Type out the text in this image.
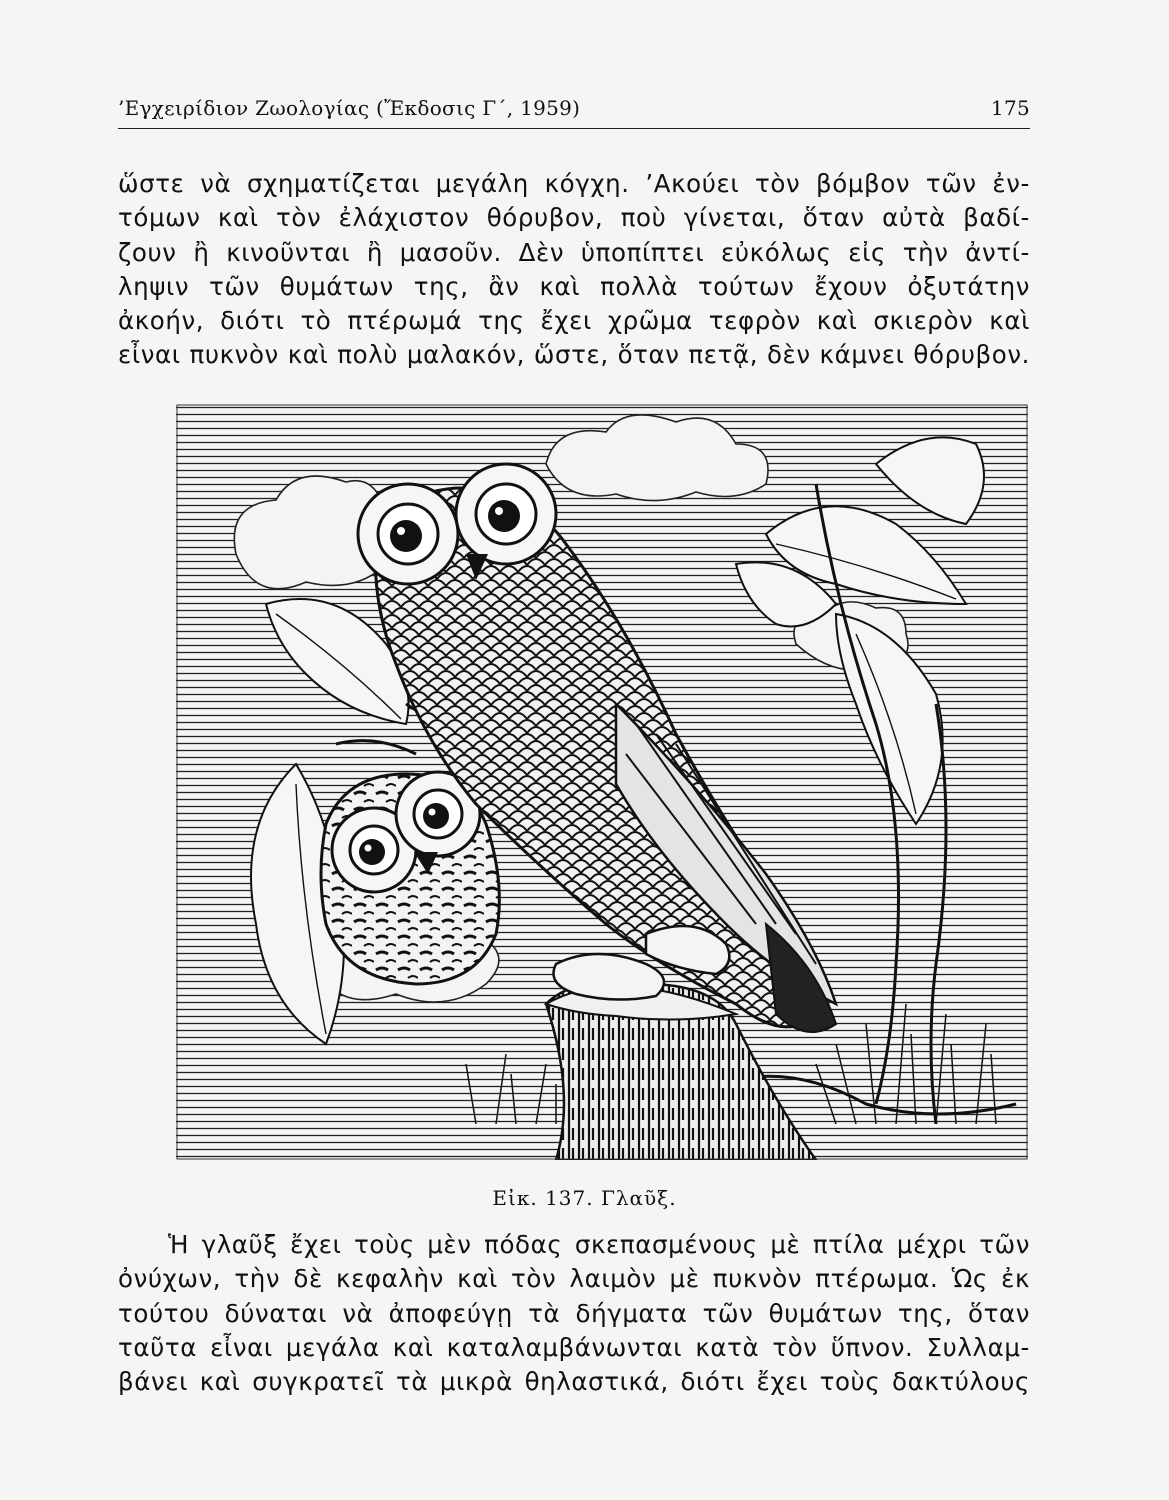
’Εγχειρίδιον Ζωολογίας (Ἔκδοσις Γ΄, 1959)	175
ὥστε νὰ σχηματίζεται μεγάλη κόγχη. ’Ακούει τὸν βόμβον τῶν ἐν-
τόμων καὶ τὸν ἐλάχιστον θόρυβον, ποὺ γίνεται, ὅταν αὐτὰ βαδί-
ζουν ἢ κινοῦνται ἢ μασοῦν. Δὲν ὑποπίπτει εὐκόλως εἰς τὴν ἀντί-
ληψιν τῶν θυμάτων της, ἂν καὶ πολλὰ τούτων ἔχουν ὀξυτάτην
ἀκοήν, διότι τὸ πτέρωμά της ἔχει χρῶμα τεφρὸν καὶ σκιερὸν καὶ
εἶναι πυκνὸν καὶ πολὺ μαλακόν, ὥστε, ὅταν πετᾷ, δὲν κάμνει θόρυβον.
Εἰκ. 137. Γλαῦξ.
Ἡ γλαῦξ ἔχει τοὺς μὲν πόδας σκεπασμένους μὲ πτίλα μέχρι τῶν
ὀνύχων, τὴν δὲ κεφαλὴν καὶ τὸν λαιμὸν μὲ πυκνὸν πτέρωμα. Ὡς ἐκ
τούτου δύναται νὰ ἀποφεύγῃ τὰ δήγματα τῶν θυμάτων της, ὅταν
ταῦτα εἶναι μεγάλα καὶ καταλαμβάνωνται κατὰ τὸν ὕπνον. Συλλαμ-
βάνει καὶ συγκρατεῖ τὰ μικρὰ θηλαστικά, διότι ἔχει τοὺς δακτύλους
